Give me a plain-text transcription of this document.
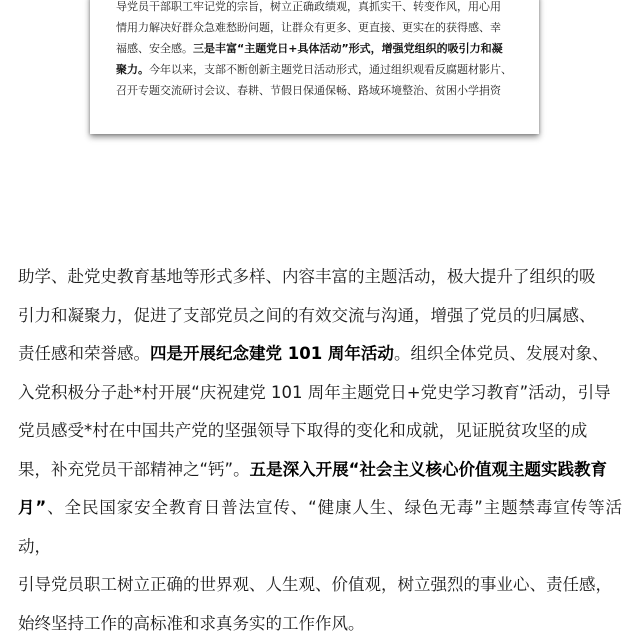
导党员干部职工牢记党的宗旨，树立正确政绩观，真抓实干、转变作风，用心用
情用力解决好群众急难愁盼问题，让群众有更多、更直接、更实在的获得感、幸
福感、安全感。三是丰富“主题党日+具体活动”形式，增强党组织的吸引力和凝
聚力。今年以来，支部不断创新主题党日活动形式，通过组织观看反腐题材影片、
召开专题交流研讨会议、春耕、节假日保通保畅、路域环境整治、贫困小学捐资
助学、赴党史教育基地等形式多样、内容丰富的主题活动，极大提升了组织的吸
引力和凝聚力，促进了支部党员之间的有效交流与沟通，增强了党员的归属感、
责任感和荣誉感。四是开展纪念建党 101 周年活动。组织全体党员、发展对象、
入党积极分子赴*村开展“庆祝建党 101 周年主题党日+党史学习教育”活动，引导
党员感受*村在中国共产党的坚强领导下取得的变化和成就，见证脱贫攻坚的成
果，补充党员干部精神之“钙”。五是深入开展“社会主义核心价值观主题实践教育
月”、全民国家安全教育日普法宣传、“健康人生、绿色无毒”主题禁毒宣传等活动，
引导党员职工树立正确的世界观、人生观、价值观，树立强烈的事业心、责任感，
始终坚持工作的高标准和求真务实的工作作风。
